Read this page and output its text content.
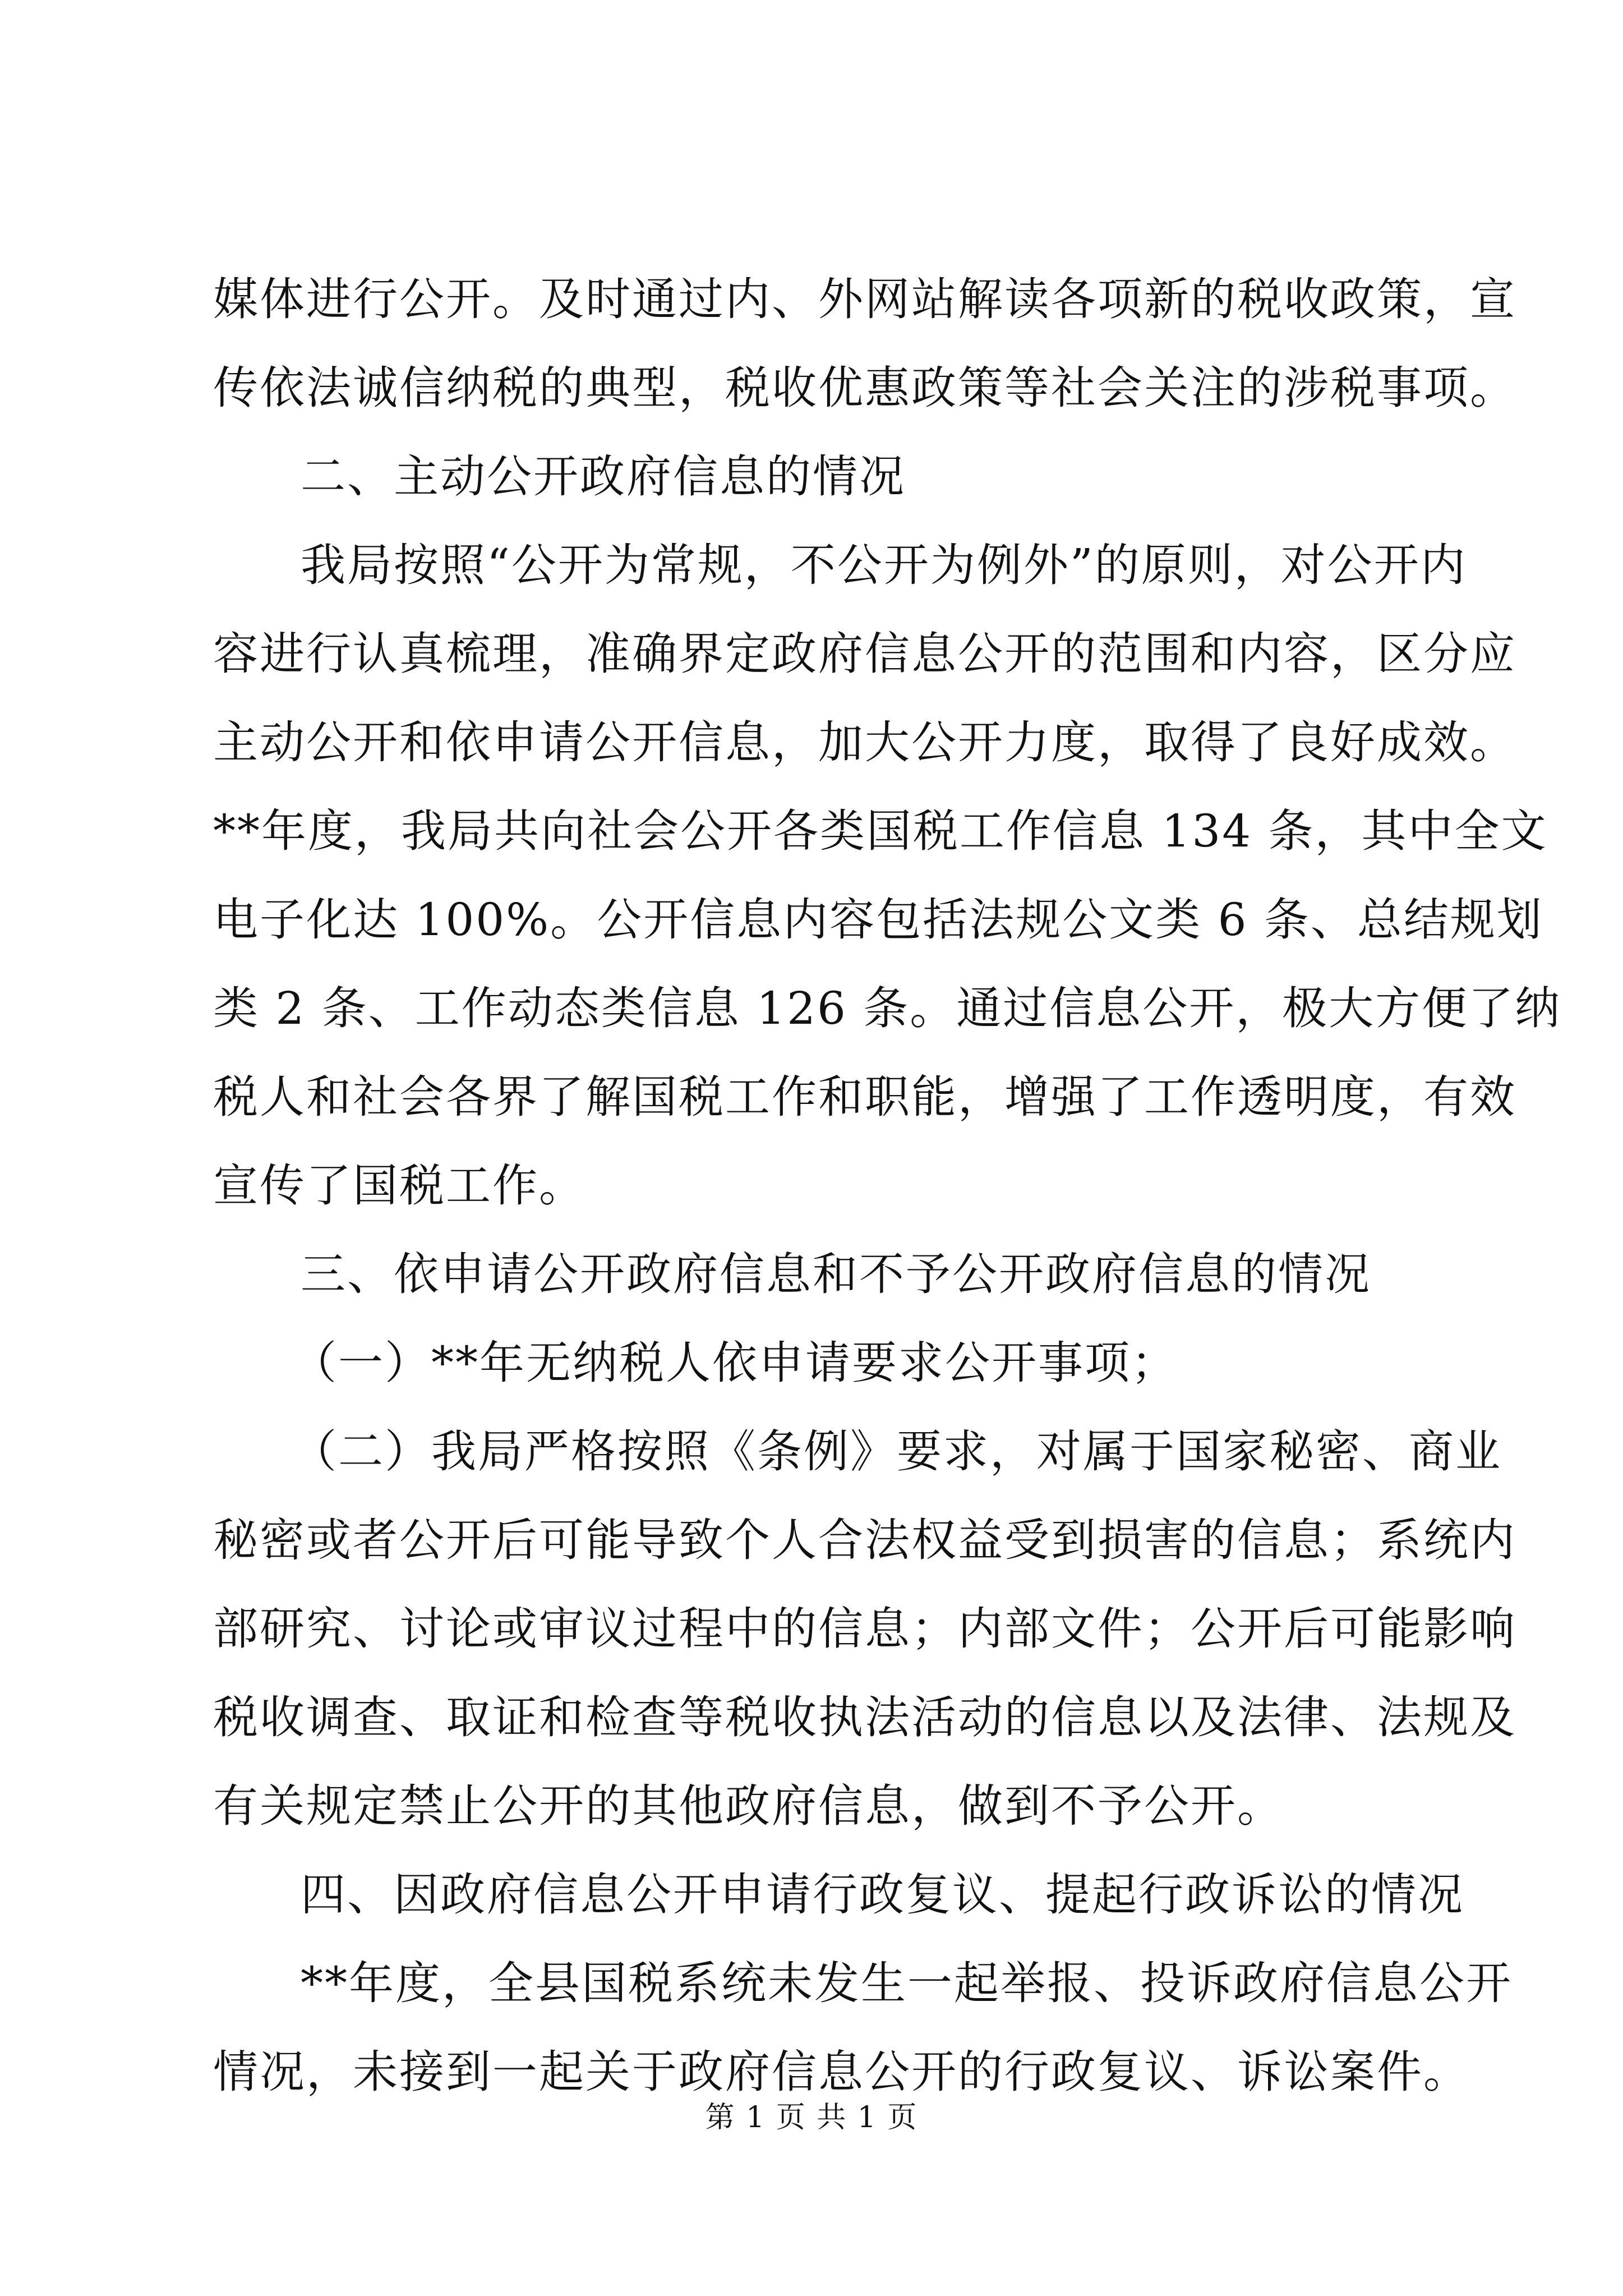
媒体进行公开。及时通过内、外网站解读各项新的税收政策，宣
传依法诚信纳税的典型，税收优惠政策等社会关注的涉税事项。
二、主动公开政府信息的情况
我局按照“公开为常规，不公开为例外”的原则，对公开内
容进行认真梳理，准确界定政府信息公开的范围和内容，区分应
主动公开和依申请公开信息，加大公开力度，取得了良好成效。
**年度，我局共向社会公开各类国税工作信息 134 条，其中全文
电子化达 100%。公开信息内容包括法规公文类 6 条、总结规划
类 2 条、工作动态类信息 126 条。通过信息公开，极大方便了纳
税人和社会各界了解国税工作和职能，增强了工作透明度，有效
宣传了国税工作。
三、依申请公开政府信息和不予公开政府信息的情况
（一）**年无纳税人依申请要求公开事项；
（二）我局严格按照《条例》要求，对属于国家秘密、商业
秘密或者公开后可能导致个人合法权益受到损害的信息；系统内
部研究、讨论或审议过程中的信息；内部文件；公开后可能影响
税收调查、取证和检查等税收执法活动的信息以及法律、法规及
有关规定禁止公开的其他政府信息，做到不予公开。
四、因政府信息公开申请行政复议、提起行政诉讼的情况
**年度，全县国税系统未发生一起举报、投诉政府信息公开
情况，未接到一起关于政府信息公开的行政复议、诉讼案件。
第 1 页 共 1 页
